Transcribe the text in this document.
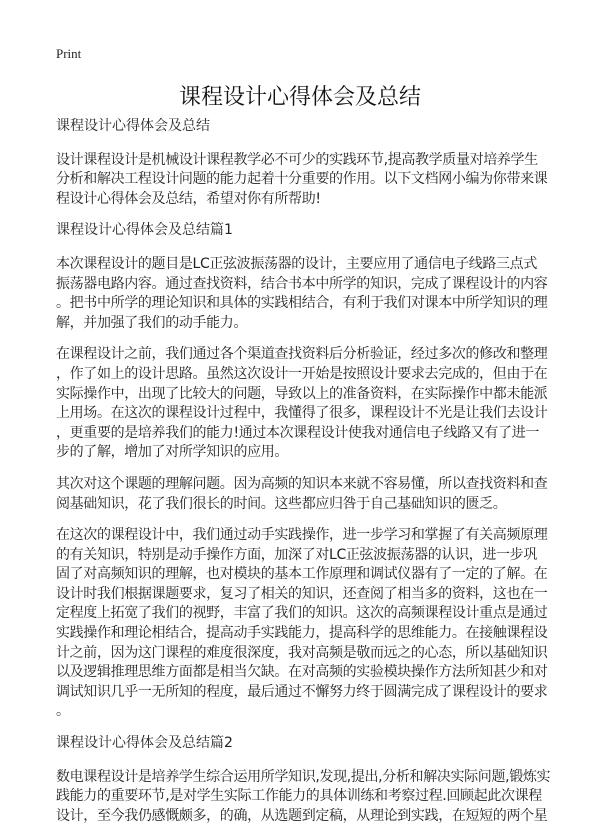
Print
课程设计心得体会及总结
课程设计心得体会及总结
设计课程设计是机械设计课程教学必不可少的实践环节,提高教学质量对培养学生
分析和解决工程设计问题的能力起着十分重要的作用。以下文档网小编为你带来课
程设计心得体会及总结，希望对你有所帮助!
课程设计心得体会及总结篇1
本次课程设计的题目是LC正弦波振荡器的设计，主要应用了通信电子线路三点式
振荡器电路内容。通过查找资料，结合书本中所学的知识，完成了课程设计的内容
。把书中所学的理论知识和具体的实践相结合，有利于我们对课本中所学知识的理
解，并加强了我们的动手能力。
在课程设计之前，我们通过各个渠道查找资料后分析验证，经过多次的修改和整理
，作了如上的设计思路。虽然这次设计一开始是按照设计要求去完成的，但由于在
实际操作中，出现了比较大的问题，导致以上的准备资料，在实际操作中都未能派
上用场。在这次的课程设计过程中，我懂得了很多，课程设计不光是让我们去设计
，更重要的是培养我们的能力!通过本次课程设计使我对通信电子线路又有了进一
步的了解，增加了对所学知识的应用。
其次对这个课题的理解问题。因为高频的知识本来就不容易懂，所以查找资料和查
阅基础知识，花了我们很长的时间。这些都应归咎于自己基础知识的匮乏。
在这次的课程设计中，我们通过动手实践操作，进一步学习和掌握了有关高频原理
的有关知识，特别是动手操作方面，加深了对LC正弦波振荡器的认识，进一步巩
固了对高频知识的理解，也对模块的基本工作原理和调试仪器有了一定的了解。在
设计时我们根据课题要求，复习了相关的知识，还查阅了相当多的资料，这也在一
定程度上拓宽了我们的视野，丰富了我们的知识。这次的高频课程设计重点是通过
实践操作和理论相结合，提高动手实践能力，提高科学的思维能力。在接触课程设
计之前，因为这门课程的难度很深度，我对高频是敬而远之的心态，所以基础知识
以及逻辑推理思维方面都是相当欠缺。在对高频的实验模块操作方法所知甚少和对
调试知识几乎一无所知的程度，最后通过不懈努力终于圆满完成了课程设计的要求
。
课程设计心得体会及总结篇2
数电课程设计是培养学生综合运用所学知识,发现,提出,分析和解决实际问题,锻炼实
践能力的重要环节,是对学生实际工作能力的具体训练和考察过程.回顾起此次课程
设计，至今我仍感慨颇多，的确，从选题到定稿，从理论到实践，在短短的两个星
